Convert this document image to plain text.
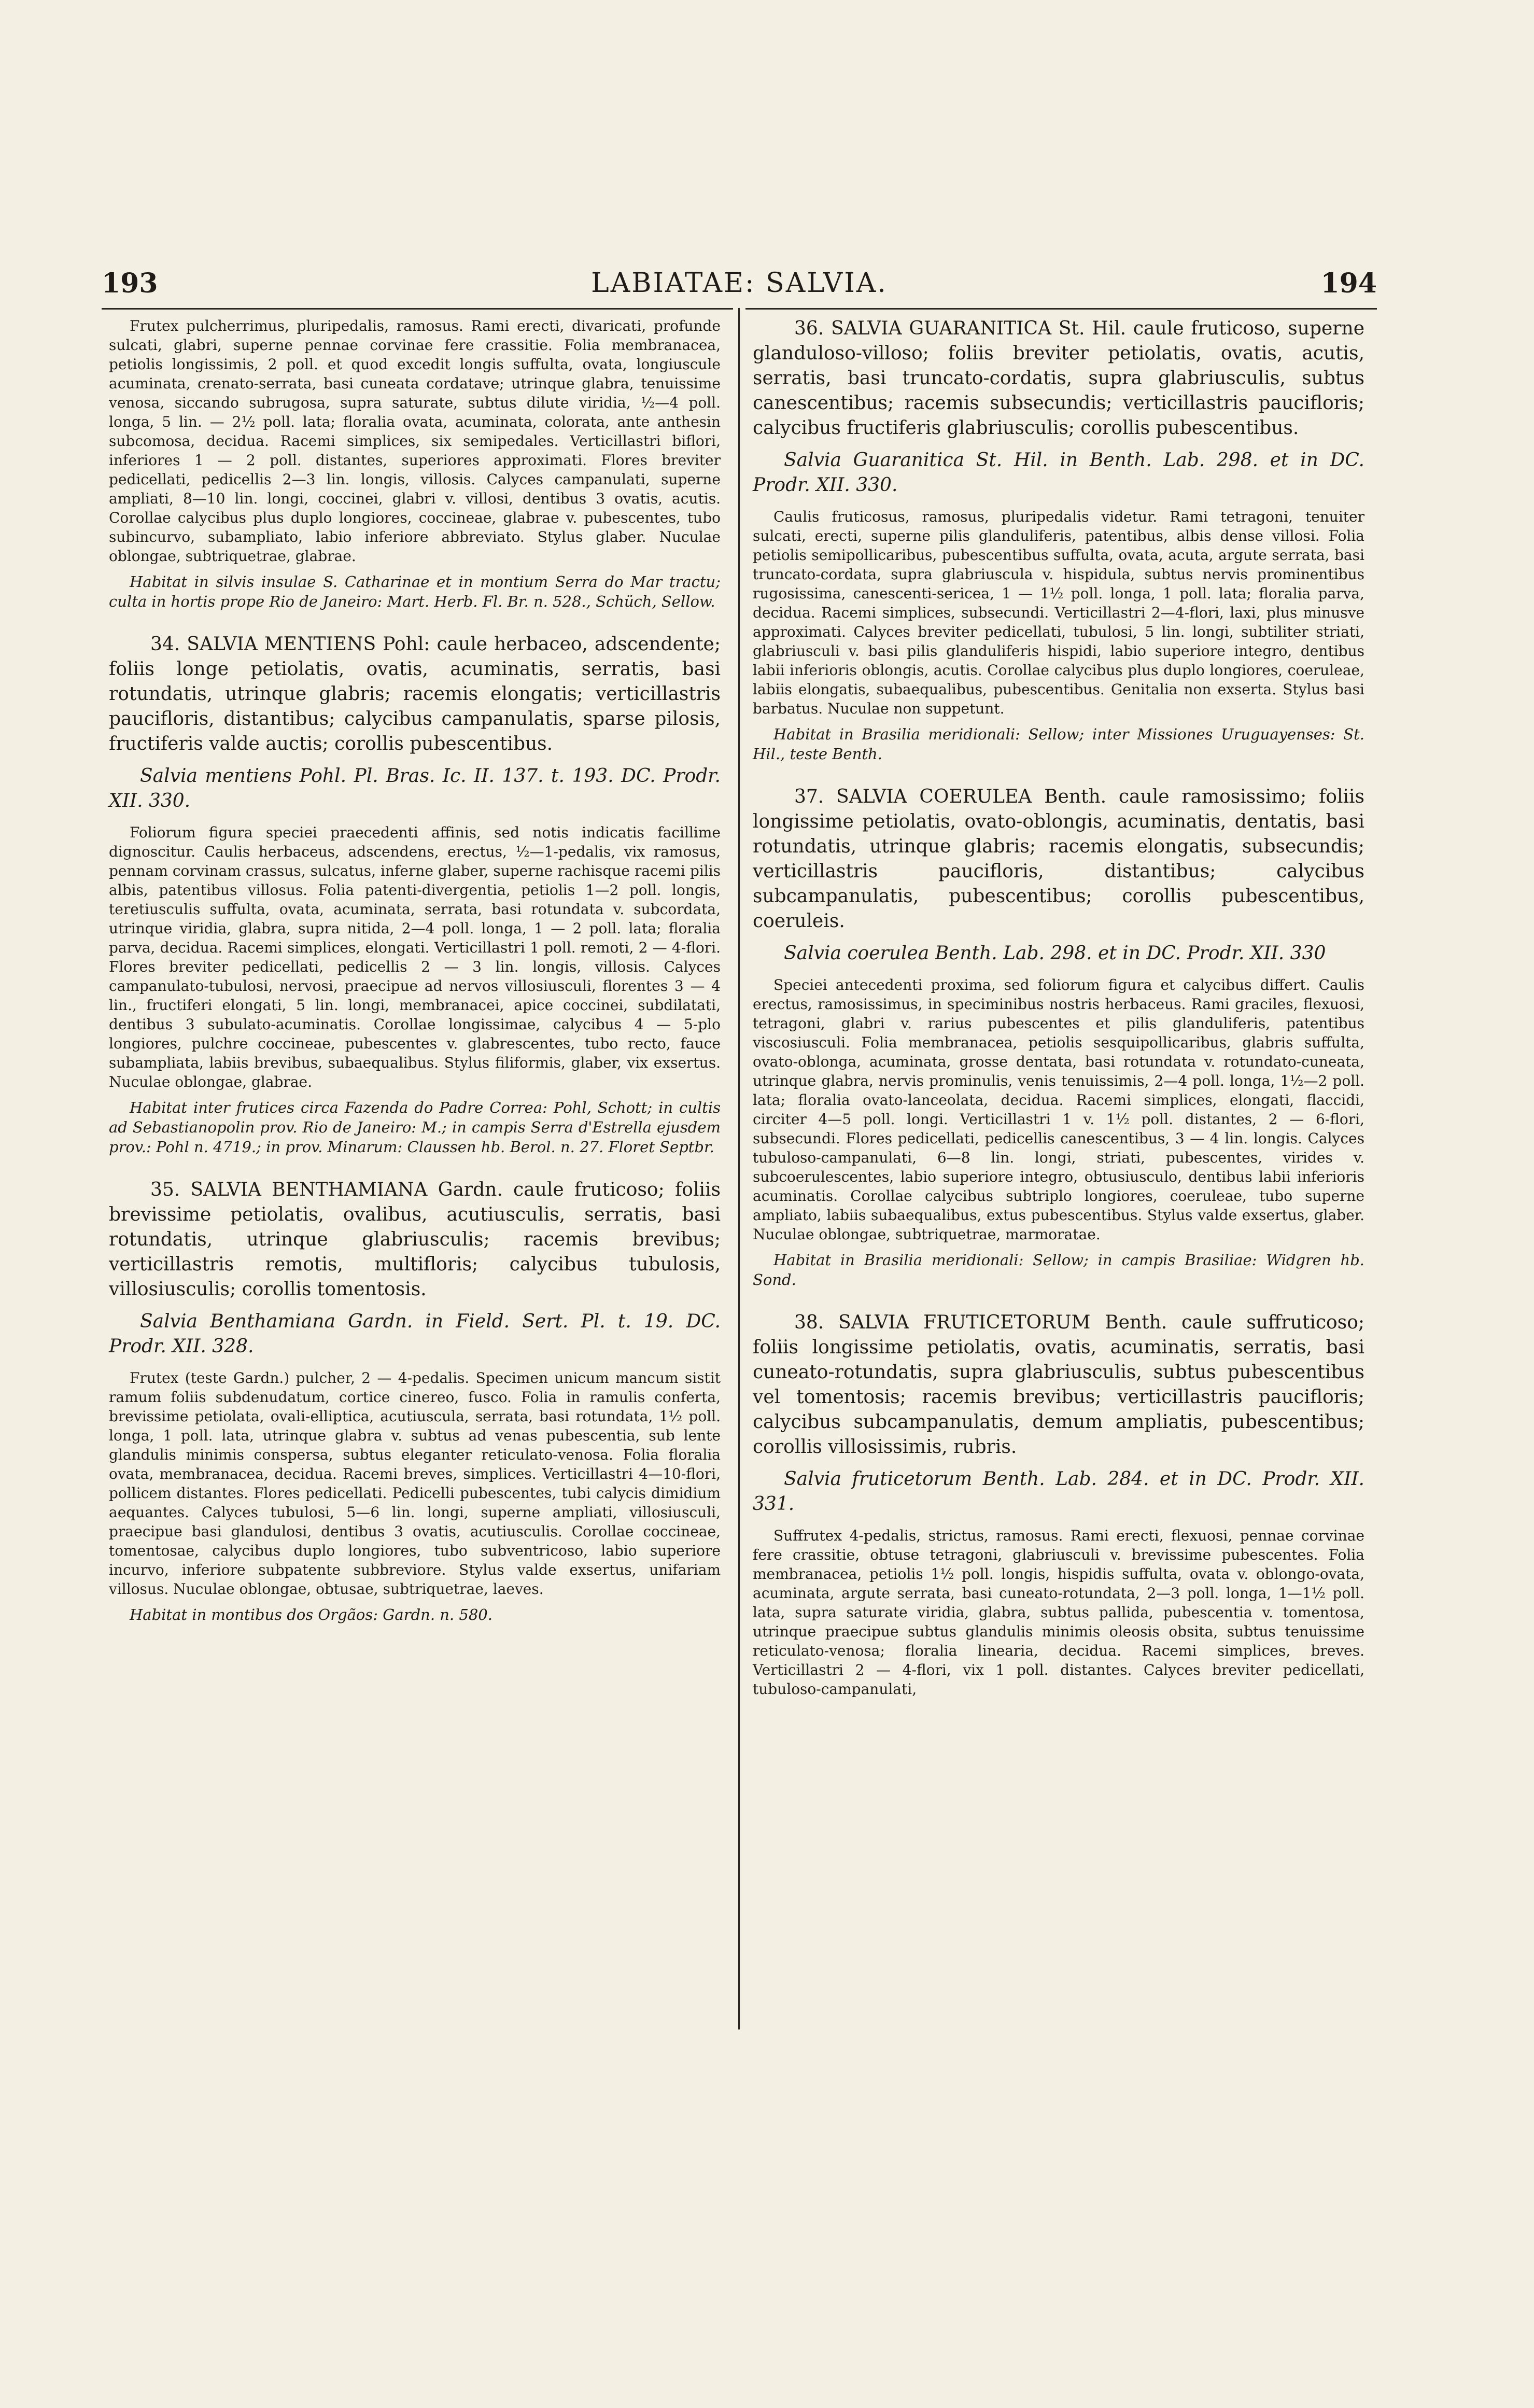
193	LABIATAE: SALVIA.	194

Frutex pulcherrimus, pluripedalis, ramosus. Rami erecti, divaricati, profunde sulcati, glabri, superne pennae corvinae fere crassitie. Folia membranacea, petiolis longissimis, 2 poll. et quod excedit longis suffulta, ovata, longiuscule acuminata, crenato-serrata, basi cuneata cordatave; utrinque glabra, tenuissime venosa, siccando subrugosa, supra saturate, subtus dilute viridia, ½—4 poll. longa, 5 lin. — 2½ poll. lata; floralia ovata, acuminata, colorata, ante anthesin subcomosa, decidua. Racemi simplices, six semipedales. Verticillastri biflori, inferiores 1 — 2 poll. distantes, superiores approximati. Flores breviter pedicellati, pedicellis 2—3 lin. longis, villosis. Calyces campanulati, superne ampliati, 8—10 lin. longi, coccinei, glabri v. villosi, dentibus 3 ovatis, acutis. Corollae calycibus plus duplo longiores, coccineae, glabrae v. pubescentes, tubo subincurvo, subampliato, labio inferiore abbreviato. Stylus glaber. Nuculae oblongae, subtriquetrae, glabrae.

Habitat in silvis insulae S. Catharinae et in montium Serra do Mar tractu; culta in hortis prope Rio de Janeiro: Mart. Herb. Fl. Br. n. 528., Schüch, Sellow.

34. SALVIA MENTIENS Pohl: caule herbaceo, adscendente; foliis longe petiolatis, ovatis, acuminatis, serratis, basi rotundatis, utrinque glabris; racemis elongatis; verticillastris paucifloris, distantibus; calycibus campanulatis, sparse pilosis, fructiferis valde auctis; corollis pubescentibus.

Salvia mentiens Pohl. Pl. Bras. Ic. II. 137. t. 193. DC. Prodr. XII. 330.

Foliorum figura speciei praecedenti affinis, sed notis indicatis facillime dignoscitur. Caulis herbaceus, adscendens, erectus, ½—1-pedalis, vix ramosus, pennam corvinam crassus, sulcatus, inferne glaber, superne rachisque racemi pilis albis, patentibus villosus. Folia patenti-divergentia, petiolis 1—2 poll. longis, teretiusculis suffulta, ovata, acuminata, serrata, basi rotundata v. subcordata, utrinque viridia, glabra, supra nitida, 2—4 poll. longa, 1 — 2 poll. lata; floralia parva, decidua. Racemi simplices, elongati. Verticillastri 1 poll. remoti, 2 — 4-flori. Flores breviter pedicellati, pedicellis 2 — 3 lin. longis, villosis. Calyces campanulato-tubulosi, nervosi, praecipue ad nervos villosiusculi, florentes 3 — 4 lin., fructiferi elongati, 5 lin. longi, membranacei, apice coccinei, subdilatati, dentibus 3 subulato-acuminatis. Corollae longissimae, calycibus 4 — 5-plo longiores, pulchre coccineae, pubescentes v. glabrescentes, tubo recto, fauce subampliata, labiis brevibus, subaequalibus. Stylus filiformis, glaber, vix exsertus. Nuculae oblongae, glabrae.

Habitat inter frutices circa Fazenda do Padre Correa: Pohl, Schott; in cultis ad Sebastianopolin prov. Rio de Janeiro: M.; in campis Serra d'Estrella ejusdem prov.: Pohl n. 4719.; in prov. Minarum: Claussen hb. Berol. n. 27. Floret Septbr.

35. SALVIA BENTHAMIANA Gardn. caule fruticoso; foliis brevissime petiolatis, ovalibus, acutiusculis, serratis, basi rotundatis, utrinque glabriusculis; racemis brevibus; verticillastris remotis, multifloris; calycibus tubulosis, villosiusculis; corollis tomentosis.

Salvia Benthamiana Gardn. in Field. Sert. Pl. t. 19. DC. Prodr. XII. 328.

Frutex (teste Gardn.) pulcher, 2 — 4-pedalis. Specimen unicum mancum sistit ramum foliis subdenudatum, cortice cinereo, fusco. Folia in ramulis conferta, brevissime petiolata, ovali-elliptica, acutiuscula, serrata, basi rotundata, 1½ poll. longa, 1 poll. lata, utrinque glabra v. subtus ad venas pubescentia, sub lente glandulis minimis conspersa, subtus eleganter reticulato-venosa. Folia floralia ovata, membranacea, decidua. Racemi breves, simplices. Verticillastri 4—10-flori, pollicem distantes. Flores pedicellati. Pedicelli pubescentes, tubi calycis dimidium aequantes. Calyces tubulosi, 5—6 lin. longi, superne ampliati, villosiusculi, praecipue basi glandulosi, dentibus 3 ovatis, acutiusculis. Corollae coccineae, tomentosae, calycibus duplo longiores, tubo subventricoso, labio superiore incurvo, inferiore subpatente subbreviore. Stylus valde exsertus, unifariam villosus. Nuculae oblongae, obtusae, subtriquetrae, laeves.

Habitat in montibus dos Orgãos: Gardn. n. 580.

36. SALVIA GUARANITICA St. Hil. caule fruticoso, superne glanduloso-villoso; foliis breviter petiolatis, ovatis, acutis, serratis, basi truncato-cordatis, supra glabriusculis, subtus canescentibus; racemis subsecundis; verticillastris paucifloris; calycibus fructiferis glabriusculis; corollis pubescentibus.

Salvia Guaranitica St. Hil. in Benth. Lab. 298. et in DC. Prodr. XII. 330.

Caulis fruticosus, ramosus, pluripedalis videtur. Rami tetragoni, tenuiter sulcati, erecti, superne pilis glanduliferis, patentibus, albis dense villosi. Folia petiolis semipollicaribus, pubescentibus suffulta, ovata, acuta, argute serrata, basi truncato-cordata, supra glabriuscula v. hispidula, subtus nervis prominentibus rugosissima, canescenti-sericea, 1 — 1½ poll. longa, 1 poll. lata; floralia parva, decidua. Racemi simplices, subsecundi. Verticillastri 2—4-flori, laxi, plus minusve approximati. Calyces breviter pedicellati, tubulosi, 5 lin. longi, subtiliter striati, glabriusculi v. basi pilis glanduliferis hispidi, labio superiore integro, dentibus labii inferioris oblongis, acutis. Corollae calycibus plus duplo longiores, coeruleae, labiis elongatis, subaequalibus, pubescentibus. Genitalia non exserta. Stylus basi barbatus. Nuculae non suppetunt.

Habitat in Brasilia meridionali: Sellow; inter Missiones Uruguayenses: St. Hil., teste Benth.

37. SALVIA COERULEA Benth. caule ramosissimo; foliis longissime petiolatis, ovato-oblongis, acuminatis, dentatis, basi rotundatis, utrinque glabris; racemis elongatis, subsecundis; verticillastris paucifloris, distantibus; calycibus subcampanulatis, pubescentibus; corollis pubescentibus, coeruleis.

Salvia coerulea Benth. Lab. 298. et in DC. Prodr. XII. 330

Speciei antecedenti proxima, sed foliorum figura et calycibus differt. Caulis erectus, ramosissimus, in speciminibus nostris herbaceus. Rami graciles, flexuosi, tetragoni, glabri v. rarius pubescentes et pilis glanduliferis, patentibus viscosiusculi. Folia membranacea, petiolis sesquipollicaribus, glabris suffulta, ovato-oblonga, acuminata, grosse dentata, basi rotundata v. rotundato-cuneata, utrinque glabra, nervis prominulis, venis tenuissimis, 2—4 poll. longa, 1½—2 poll. lata; floralia ovato-lanceolata, decidua. Racemi simplices, elongati, flaccidi, circiter 4—5 poll. longi. Verticillastri 1 v. 1½ poll. distantes, 2 — 6-flori, subsecundi. Flores pedicellati, pedicellis canescentibus, 3 — 4 lin. longis. Calyces tubuloso-campanulati, 6—8 lin. longi, striati, pubescentes, virides v. subcoerulescentes, labio superiore integro, obtusiusculo, dentibus labii inferioris acuminatis. Corollae calycibus subtriplo longiores, coeruleae, tubo superne ampliato, labiis subaequalibus, extus pubescentibus. Stylus valde exsertus, glaber. Nuculae oblongae, subtriquetrae, marmoratae.

Habitat in Brasilia meridionali: Sellow; in campis Brasiliae: Widgren hb. Sond.

38. SALVIA FRUTICETORUM Benth. caule suffruticoso; foliis longissime petiolatis, ovatis, acuminatis, serratis, basi cuneato-rotundatis, supra glabriusculis, subtus pubescentibus vel tomentosis; racemis brevibus; verticillastris paucifloris; calycibus subcampanulatis, demum ampliatis, pubescentibus; corollis villosissimis, rubris.

Salvia fruticetorum Benth. Lab. 284. et in DC. Prodr. XII. 331.

Suffrutex 4-pedalis, strictus, ramosus. Rami erecti, flexuosi, pennae corvinae fere crassitie, obtuse tetragoni, glabriusculi v. brevissime pubescentes. Folia membranacea, petiolis 1½ poll. longis, hispidis suffulta, ovata v. oblongo-ovata, acuminata, argute serrata, basi cuneato-rotundata, 2—3 poll. longa, 1—1½ poll. lata, supra saturate viridia, glabra, subtus pallida, pubescentia v. tomentosa, utrinque praecipue subtus glandulis minimis oleosis obsita, subtus tenuissime reticulato-venosa; floralia linearia, decidua. Racemi simplices, breves. Verticillastri 2 — 4-flori, vix 1 poll. distantes. Calyces breviter pedicellati, tubuloso-campanulati,
